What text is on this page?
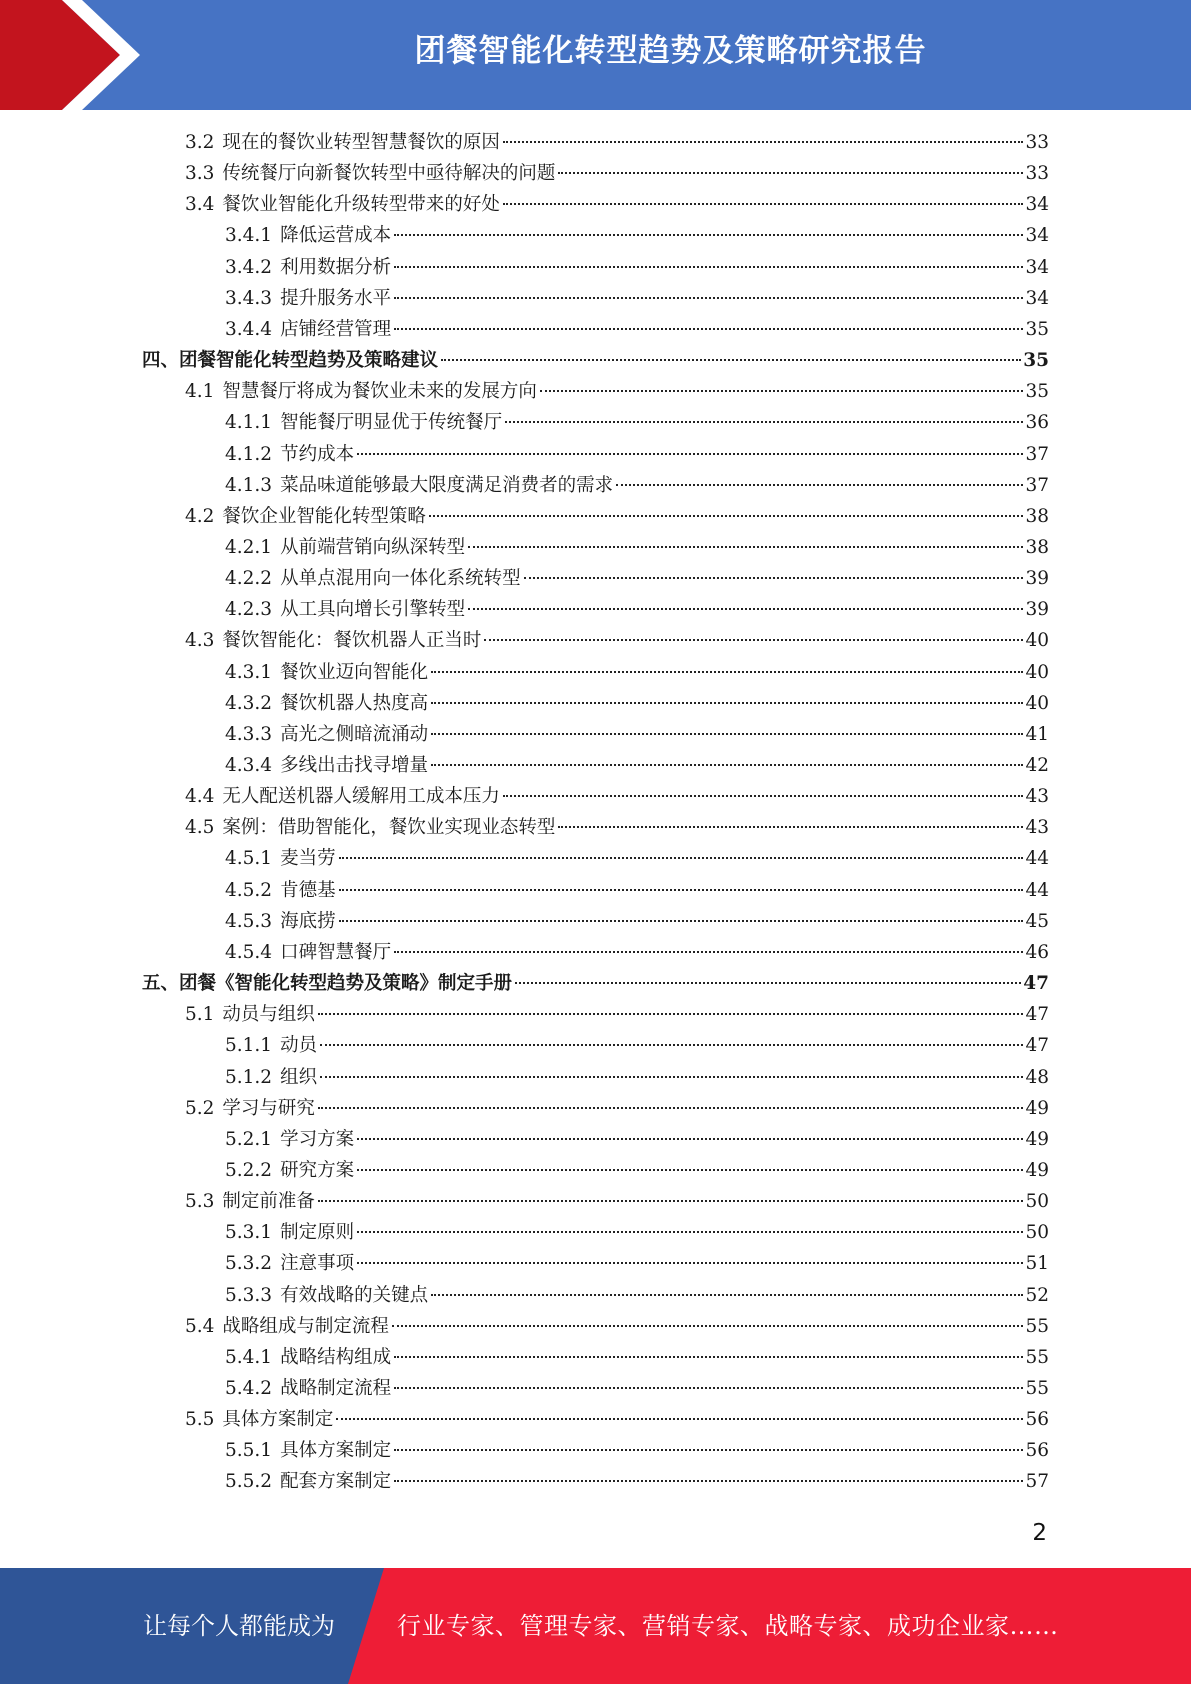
团餐智能化转型趋势及策略研究报告
3.2 现在的餐饮业转型智慧餐饮的原因	33
3.3 传统餐厅向新餐饮转型中亟待解决的问题	33
3.4 餐饮业智能化升级转型带来的好处	34
3.4.1 降低运营成本	34
3.4.2 利用数据分析	34
3.4.3 提升服务水平	34
3.4.4 店铺经营管理	35
四、团餐智能化转型趋势及策略建议	35
4.1 智慧餐厅将成为餐饮业未来的发展方向	35
4.1.1 智能餐厅明显优于传统餐厅	36
4.1.2 节约成本	37
4.1.3 菜品味道能够最大限度满足消费者的需求	37
4.2 餐饮企业智能化转型策略	38
4.2.1 从前端营销向纵深转型	38
4.2.2 从单点混用向一体化系统转型	39
4.2.3 从工具向增长引擎转型	39
4.3 餐饮智能化：餐饮机器人正当时	40
4.3.1 餐饮业迈向智能化	40
4.3.2 餐饮机器人热度高	40
4.3.3 高光之侧暗流涌动	41
4.3.4 多线出击找寻增量	42
4.4 无人配送机器人缓解用工成本压力	43
4.5 案例：借助智能化，餐饮业实现业态转型	43
4.5.1 麦当劳	44
4.5.2 肯德基	44
4.5.3 海底捞	45
4.5.4 口碑智慧餐厅	46
五、团餐《智能化转型趋势及策略》制定手册	47
5.1 动员与组织	47
5.1.1 动员	47
5.1.2 组织	48
5.2 学习与研究	49
5.2.1 学习方案	49
5.2.2 研究方案	49
5.3 制定前准备	50
5.3.1 制定原则	50
5.3.2 注意事项	51
5.3.3 有效战略的关键点	52
5.4 战略组成与制定流程	55
5.4.1 战略结构组成	55
5.4.2 战略制定流程	55
5.5 具体方案制定	56
5.5.1 具体方案制定	56
5.5.2 配套方案制定	57
2
让每个人都能成为	行业专家、管理专家、营销专家、战略专家、成功企业家……
